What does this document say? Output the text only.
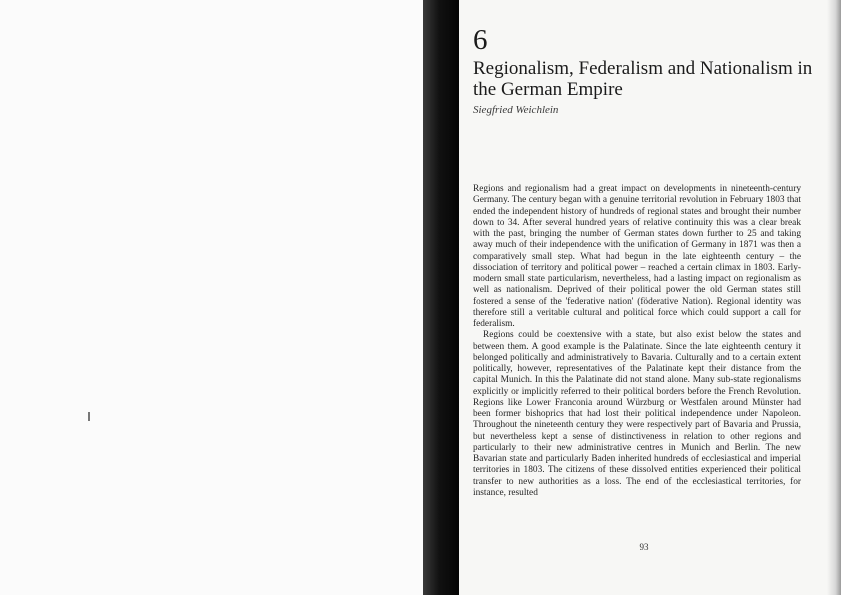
6
Regionalism, Federalism and Nationalism in the German Empire
Siegfried Weichlein

Regions and regionalism had a great impact on developments in nineteenth-century Germany. The century began with a genuine territorial revolution in February 1803 that ended the independent history of hundreds of regional states and brought their number down to 34. After several hundred years of relative continuity this was a clear break with the past, bringing the number of German states down further to 25 and taking away much of their independence with the unification of Germany in 1871 was then a comparatively small step. What had begun in the late eighteenth century – the dissociation of territory and political power – reached a certain climax in 1803. Early-modern small state particularism, nevertheless, had a lasting impact on regionalism as well as nationalism. Deprived of their political power the old German states still fostered a sense of the 'federative nation' (föderative Nation). Regional identity was therefore still a veritable cultural and political force which could support a call for federalism.

Regions could be coextensive with a state, but also exist below the states and between them. A good example is the Palatinate. Since the late eighteenth century it belonged politically and administratively to Bavaria. Culturally and to a certain extent politically, however, representatives of the Palatinate kept their distance from the capital Munich. In this the Palatinate did not stand alone. Many sub-state regionalisms explicitly or implicitly referred to their political borders before the French Revolution. Regions like Lower Franconia around Würzburg or Westfalen around Münster had been former bishoprics that had lost their political independence under Napoleon. Throughout the nineteenth century they were respectively part of Bavaria and Prussia, but nevertheless kept a sense of distinctiveness in relation to other regions and particularly to their new administrative centres in Munich and Berlin. The new Bavarian state and particularly Baden inherited hundreds of ecclesiastical and imperial territories in 1803. The citizens of these dissolved entities experienced their political transfer to new authorities as a loss. The end of the ecclesiastical territories, for instance, resulted

93
